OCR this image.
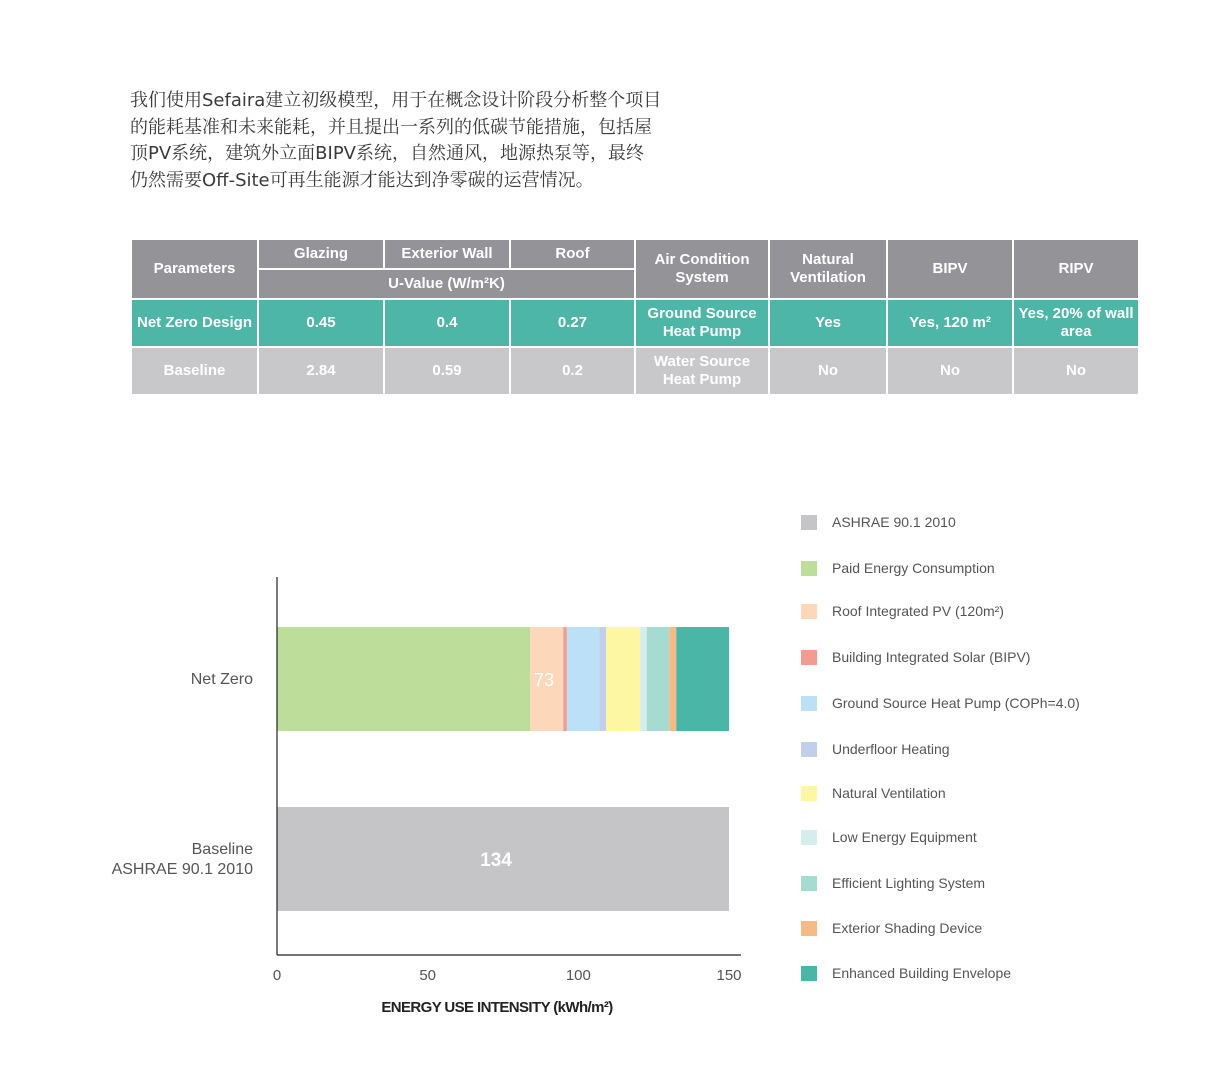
我们使用Sefaira建立初级模型，用于在概念设计阶段分析整个项目
的能耗基准和未来能耗，并且提出一系列的低碳节能措施，包括屋
顶PV系统，建筑外立面BIPV系统，自然通风，地源热泵等，最终
仍然需要Off-Site可再生能源才能达到净零碳的运营情况。
Parameters	Glazing	Exterior Wall	Roof	Air Condition System	Natural Ventilation	BIPV	RIPV
	U-Value (W/m²K)						
Net Zero Design	0.45	0.4	0.27	Ground Source Heat Pump	Yes	Yes, 120 m²	Yes, 20% of wall area
Baseline	2.84	0.59	0.2	Water Source Heat Pump	No	No	No
Net Zero
Baseline
ASHRAE 90.1 2010
73
134
0	50	100	150
ENERGY USE INTENSITY (kWh/m²)
ASHRAE 90.1 2010
Paid Energy Consumption
Roof Integrated PV (120m²)
Building Integrated Solar (BIPV)
Ground Source Heat Pump (COPh=4.0)
Underfloor Heating
Natural Ventilation
Low Energy Equipment
Efficient Lighting System
Exterior Shading Device
Enhanced Building Envelope
